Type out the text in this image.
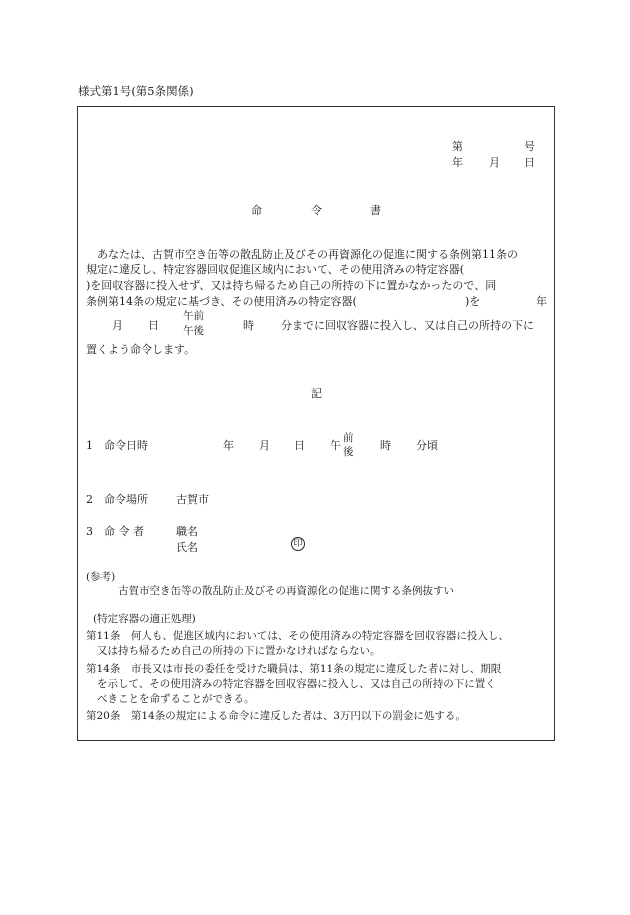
様式第1号(第5条関係)
第	号
年 月 日
命	令	書
あなたは、古賀市空き缶等の散乱防止及びその再資源化の促進に関する条例第11条の
規定に違反し、特定容器回収促進区域内において、その使用済みの特定容器(
)を回収容器に投入せず、又は持ち帰るため自己の所持の下に置かなかったので、同
条例第14条の規定に基づき、その使用済みの特定容器(	)を	年
月 日
午前
午後	時 分までに回収容器に投入し、又は自己の所持の下に
置くよう命令します。
記
1　命令日時	年 月 日 午
前
後 時 分頃
2　命令場所	古賀市
3　命 令 者	職名
氏名	印
(参考)
古賀市空き缶等の散乱防止及びその再資源化の促進に関する条例抜すい
(特定容器の適正処理)
第11条　何人も、促進区域内においては、その使用済みの特定容器を回収容器に投入し、
又は持ち帰るため自己の所持の下に置かなければならない。
第14条　市長又は市長の委任を受けた職員は、第11条の規定に違反した者に対し、期限
を示して、その使用済みの特定容器を回収容器に投入し、又は自己の所持の下に置く
べきことを命ずることができる。
第20条　第14条の規定による命令に違反した者は、3万円以下の罰金に処する。
